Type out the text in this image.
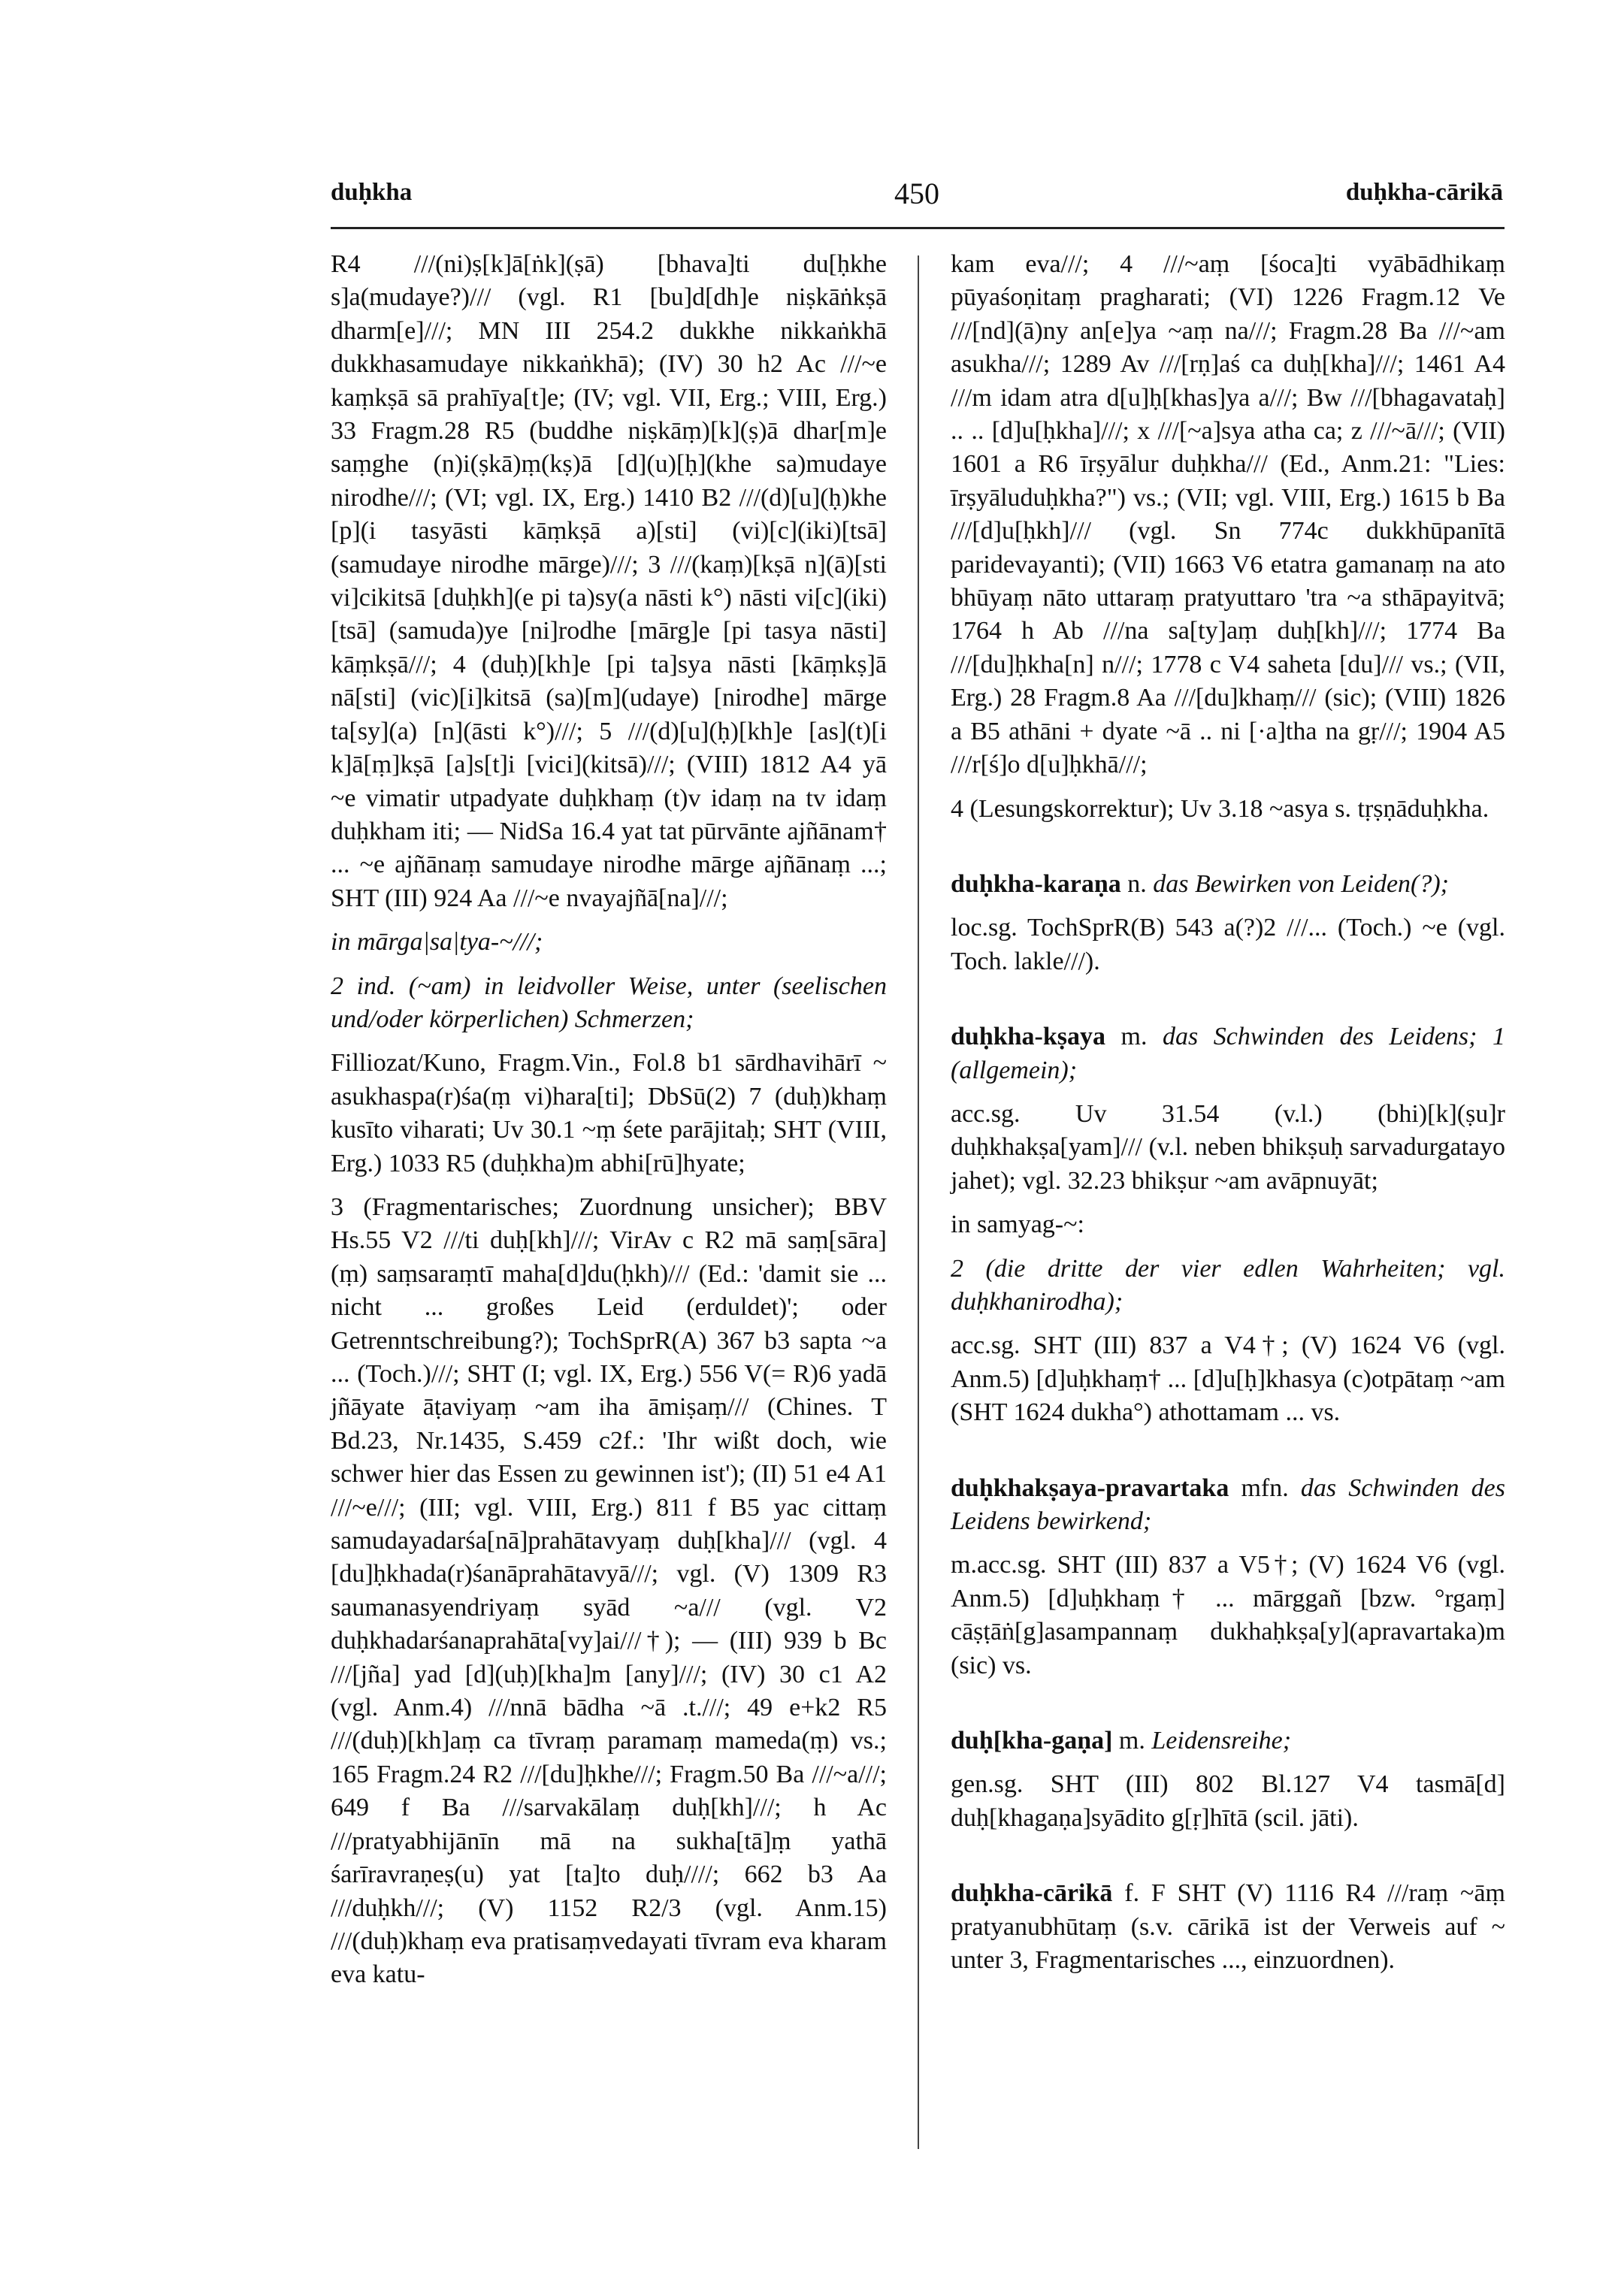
duḥkha	450	duḥkha-cārikā

R4 ///(ni)ṣ[k]ā[ṅk](ṣā) [bhava]ti du[ḥkhe s]a(mudaye?)/// (vgl. R1 [bu]d[dh]e niṣkāṅkṣā dharm[e]///; MN III 254.2 dukkhe nikkaṅkhā dukkhasamudaye nikkaṅkhā); (IV) 30 h2 Ac ///~e kaṃkṣā sā prahīya[t]e; (IV; vgl. VII, Erg.; VIII, Erg.) 33 Fragm.28 R5 (buddhe niṣkāṃ)[k](ṣ)ā dhar[m]e saṃghe (n)i(ṣkā)ṃ(kṣ)ā [d](u)[ḥ](khe sa)mudaye nirodhe///; (VI; vgl. IX, Erg.) 1410 B2 ///(d)[u](ḥ)khe [p](i tasyāsti kāṃkṣā a)[sti] (vi)[c](iki)[tsā] (samudaye nirodhe mārge)///; 3 ///(kaṃ)[kṣā n](ā)[sti vi]cikitsā [duḥkh](e pi ta)sy(a nāsti k°) nāsti vi[c](iki)[tsā] (samuda)ye [ni]rodhe [mārg]e [pi tasya nāsti] kāṃkṣā///; 4 (duḥ)[kh]e [pi ta]sya nāsti [kāṃkṣ]ā nā[sti] (vic)[i]kitsā (sa)[m](udaye) [nirodhe] mārge ta[sy](a) [n](āsti k°)///; 5 ///(d)[u](ḥ)[kh]e [as](t)[i k]ā[ṃ]kṣā [a]s[t]i [vici](kitsā)///; (VIII) 1812 A4 yā ~e vimatir utpadyate duḥkhaṃ (t)v idaṃ na tv idaṃ duḥkham iti; — NidSa 16.4 yat tat pūrvānte ajñānam† ... ~e ajñānaṃ samudaye nirodhe mārge ajñānaṃ ...; SHT (III) 924 Aa ///~e nvayajñā[na]///;

in mārga|sa|tya-~///;

2 ind. (~am) in leidvoller Weise, unter (seelischen und/oder körperlichen) Schmerzen;

Filliozat/Kuno, Fragm.Vin., Fol.8 b1 sārdhavihārī ~ asukhaspa(r)śa(ṃ vi)hara[ti]; DbSū(2) 7 (duḥ)khaṃ kusīto viharati; Uv 30.1 ~ṃ śete parājitaḥ; SHT (VIII, Erg.) 1033 R5 (duḥkha)m abhi[rū]hyate;

3 (Fragmentarisches; Zuordnung unsicher); BBV Hs.55 V2 ///ti duḥ[kh]///; VirAv c R2 mā saṃ[sāra](ṃ) saṃsaraṃtī maha[d]du(ḥkh)/// (Ed.: 'damit sie ... nicht ... großes Leid (erduldet)'; oder Getrenntschreibung?); TochSprR(A) 367 b3 sapta ~a ... (Toch.)///; SHT (I; vgl. IX, Erg.) 556 V(= R)6 yadā jñāyate āṭaviyaṃ ~am iha āmiṣaṃ/// (Chines. T Bd.23, Nr.1435, S.459 c2f.: 'Ihr wißt doch, wie schwer hier das Essen zu gewinnen ist'); (II) 51 e4 A1 ///~e///; (III; vgl. VIII, Erg.) 811 f B5 yac cittaṃ samudayadarśa[nā]prahātavyaṃ duḥ[kha]/// (vgl. 4 [du]ḥkhada(r)śanāprahātavyā///; vgl. (V) 1309 R3 saumanasyendriyaṃ syād ~a/// (vgl. V2 duḥkhadarśanaprahāta[vy]ai///†); — (III) 939 b Bc ///[jña] yad [d](uḥ)[kha]m [any]///; (IV) 30 c1 A2 (vgl. Anm.4) ///nnā bādha ~ā .t.///; 49 e+k2 R5 ///(duḥ)[kh]aṃ ca tīvraṃ paramaṃ mameda(ṃ) vs.; 165 Fragm.24 R2 ///[du]ḥkhe///; Fragm.50 Ba ///~a///; 649 f Ba ///sarvakālaṃ duḥ[kh]///; h Ac ///pratyabhijānīn mā na sukha[tā]ṃ yathā śarīravraṇeṣ(u) yat [ta]to duḥ////; 662 b3 Aa ///duḥkh///; (V) 1152 R2/3 (vgl. Anm.15) ///(duḥ)khaṃ eva pratisaṃvedayati tīvram eva kharam eva katu-

kam eva///; 4 ///~aṃ [śoca]ti vyābādhikaṃ pūyaśoṇitaṃ pragharati; (VI) 1226 Fragm.12 Ve ///[nd](ā)ny an[e]ya ~aṃ na///; Fragm.28 Ba ///~am asukha///; 1289 Av ///[rṇ]aś ca duḥ[kha]///; 1461 A4 ///m idam atra d[u]ḥ[khas]ya a///; Bw ///[bhagavataḥ] .. .. [d]u[ḥkha]///; x ///[~a]sya atha ca; z ///~ā///; (VII) 1601 a R6 īrṣyālur duḥkha/// (Ed., Anm.21: "Lies: īrṣyāluduḥkha?") vs.; (VII; vgl. VIII, Erg.) 1615 b Ba ///[d]u[ḥkh]/// (vgl. Sn 774c dukkhūpanītā paridevayanti); (VII) 1663 V6 etatra gamanaṃ na ato bhūyaṃ nāto uttaraṃ pratyuttaro 'tra ~a sthāpayitvā; 1764 h Ab ///na sa[ty]aṃ duḥ[kh]///; 1774 Ba ///[du]ḥkha[n] n///; 1778 c V4 saheta [du]/// vs.; (VII, Erg.) 28 Fragm.8 Aa ///[du]khaṃ/// (sic); (VIII) 1826 a B5 athāni + dyate ~ā .. ni [·a]tha na gṛ///; 1904 A5 ///r[ś]o d[u]ḥkhā///;

4 (Lesungskorrektur); Uv 3.18 ~asya s. tṛṣṇāduḥkha.

duḥkha-karaṇa n. das Bewirken von Leiden(?);

loc.sg. TochSprR(B) 543 a(?)2 ///... (Toch.) ~e (vgl. Toch. lakle///).

duḥkha-kṣaya m. das Schwinden des Leidens; 1 (allgemein);

acc.sg. Uv 31.54 (v.l.) (bhi)[k](ṣu]r duḥkhakṣa[yam]/// (v.l. neben bhikṣuḥ sarvadurgatayo jahet); vgl. 32.23 bhikṣur ~am avāpnuyāt;

in samyag-~:

2 (die dritte der vier edlen Wahrheiten; vgl. duḥkhanirodha);

acc.sg. SHT (III) 837 a V4†; (V) 1624 V6 (vgl. Anm.5) [d]uḥkhaṃ† ... [d]u[ḥ]khasya (c)otpātaṃ ~am (SHT 1624 dukha°) athottamam ... vs.

duḥkhakṣaya-pravartaka mfn. das Schwinden des Leidens bewirkend;

m.acc.sg. SHT (III) 837 a V5†; (V) 1624 V6 (vgl. Anm.5) [d]uḥkhaṃ† ... mārggañ [bzw. °rgaṃ] cāṣṭāṅ[g]asampannaṃ dukhaḥkṣa[y](apravartaka)m (sic) vs.

duḥ[kha-gaṇa] m. Leidensreihe;

gen.sg. SHT (III) 802 Bl.127 V4 tasmā[d] duḥ[khagaṇa]syādito g[ṛ]hītā (scil. jāti).

duḥkha-cārikā f. F SHT (V) 1116 R4 ///raṃ ~āṃ pratyanubhūtaṃ (s.v. cārikā ist der Verweis auf ~ unter 3, Fragmentarisches ..., einzuordnen).
